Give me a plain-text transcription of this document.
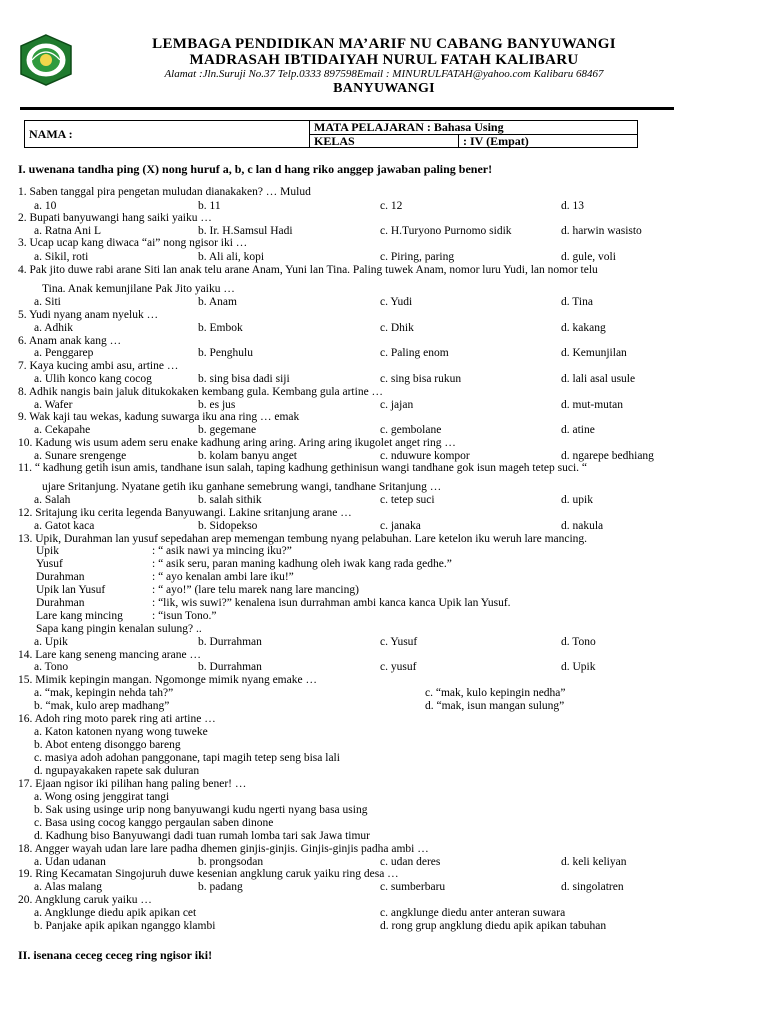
LEMBAGA PENDIDIKAN MA’ARIF NU CABANG BANYUWANGI
MADRASAH IBTIDAIYAH NURUL FATAH KALIBARU
Alamat :Jln.Suruji No.37 Telp.0333 897598Email : MINURULFATAH@yahoo.com Kalibaru 68467
BANYUWANGI
NAMA :	MATA PELAJARAN : Bahasa Using	
	KELAS	: IV (Empat)
I. uwenana tandha ping (X) nong huruf a, b, c lan d hang riko anggep jawaban paling bener!
1. Saben tanggal pira pengetan muludan dianakaken? … Mulud
a. 10	b. 11	c. 12	d. 13
2. Bupati banyuwangi hang saiki yaiku …
a. Ratna Ani L	b. Ir. H.Samsul Hadi	c. H.Turyono Purnomo sidik	d. harwin wasisto
3. Ucap ucap kang diwaca “ai” nong ngisor iki …
a. Sikil, roti	b. Ali ali, kopi	c. Piring, paring	d. gule, voli
4. Pak jito duwe rabi arane Siti lan anak telu arane Anam, Yuni lan Tina. Paling tuwek Anam, nomor luru Yudi, lan nomor telu
Tina. Anak kemunjilane Pak Jito yaiku …
a. Siti	b. Anam	c. Yudi	d. Tina
5. Yudi nyang anam nyeluk …
a. Adhik	b. Embok	c. Dhik	d. kakang
6. Anam anak kang …
a. Penggarep	b. Penghulu	c. Paling enom	d. Kemunjilan
7. Kaya kucing ambi asu, artine …
a. Ulih konco kang cocog	b. sing bisa dadi siji	c. sing bisa rukun	d. lali asal usule
8. Adhik nangis bain jaluk ditukokaken kembang gula. Kembang gula artine …
a. Wafer	b. es jus	c. jajan	d. mut-mutan
9. Wak kaji tau wekas, kadung suwarga iku ana ring … emak
a. Cekapahe	b. gegemane	c. gembolane	d. atine
10. Kadung wis usum adem seru enake kadhung aring aring. Aring aring ikugolet anget ring …
a. Sunare srengenge	b. kolam banyu anget	c. nduwure kompor	d. ngarepe bedhiang
11. “ kadhung getih isun amis, tandhane isun salah, taping kadhung gethinisun wangi tandhane gok isun mageh tetep suci. “
ujare Sritanjung. Nyatane getih iku ganhane semebrung wangi, tandhane Sritanjung …
a. Salah	b. salah sithik	c. tetep suci	d. upik
12. Sritajung iku cerita legenda Banyuwangi. Lakine sritanjung arane …
a. Gatot kaca	b. Sidopekso	c. janaka	d. nakula
13. Upik, Durahman lan yusuf sepedahan arep memengan tembung nyang pelabuhan. Lare ketelon iku weruh lare mancing.
Upik	: “ asik nawi ya mincing iku?”
Yusuf	: “ asik seru, paran maning kadhung oleh iwak kang rada gedhe.”
Durahman	: “ ayo kenalan ambi lare iku!”
Upik lan Yusuf	: “ ayo!” (lare telu marek nang lare mancing)
Durahman	: “lik, wis suwi?” kenalena isun durrahman ambi kanca kanca Upik lan Yusuf.
Lare kang mincing	: “isun Tono.”
Sapa kang pingin kenalan sulung? ..
a. Upik	b. Durrahman	c. Yusuf	d. Tono
14. Lare kang seneng mancing arane …
a. Tono	b. Durrahman	c. yusuf	d. Upik
15. Mimik kepingin mangan. Ngomonge mimik nyang emake …
a. “mak, kepingin nehda tah?”	c. “mak, kulo kepingin nedha”
b. “mak, kulo arep madhang”	d. “mak, isun mangan sulung”
16. Adoh ring moto parek ring ati artine …
a. Katon katonen nyang wong tuweke
b. Abot enteng disonggo bareng
c. masiya adoh adohan panggonane, tapi magih tetep seng bisa lali
d. ngupayakaken rapete sak duluran
17. Ejaan ngisor iki pilihan hang paling bener! …
a. Wong osing jenggirat tangi
b. Sak using usinge urip nong banyuwangi kudu ngerti nyang basa using
c. Basa using cocog kanggo pergaulan saben dinone
d. Kadhung biso Banyuwangi dadi tuan rumah lomba tari sak Jawa timur
18. Angger wayah udan lare lare padha dhemen ginjis-ginjis. Ginjis-ginjis padha ambi …
a. Udan udanan	b. prongsodan	c. udan deres	d. keli keliyan
19. Ring Kecamatan Singojuruh duwe kesenian angklung caruk yaiku ring desa …
a. Alas malang	b. padang	c. sumberbaru	d. singolatren
20. Angklung caruk yaiku …
a. Angklunge diedu apik apikan cet	c. angklunge diedu anter anteran suwara
b. Panjake apik apikan nganggo klambi	d. rong grup angklung diedu apik apikan tabuhan
II. isenana ceceg ceceg ring ngisor iki!
